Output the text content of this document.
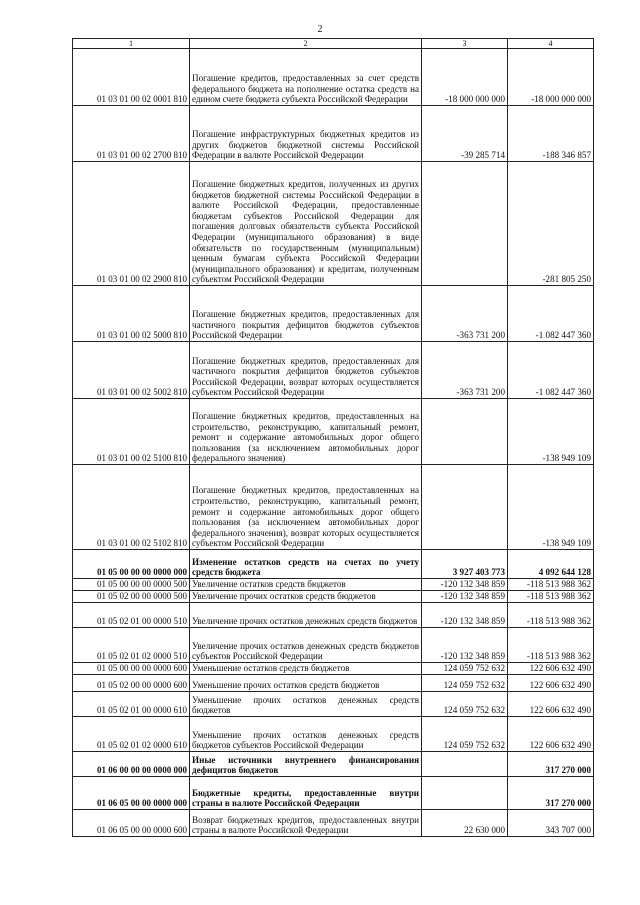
2
1	2	3	4
01 03 01 00 02 0001 810	Погашение кредитов, предоставленных за счет средств федерального бюджета на пополнение остатка средств на едином счете бюджета субъекта Российской Федерации	-18 000 000 000	-18 000 000 000
01 03 01 00 02 2700 810	Погашение инфраструктурных бюджетных кредитов из других бюджетов бюджетной системы Российской Федерации в валюте Российской Федерации	-39 285 714	-188 346 857
01 03 01 00 02 2900 810	Погашение бюджетных кредитов, полученных из других бюджетов бюджетной системы Российской Федерации в валюте Российской Федерации, предоставленные бюджетам субъектов Российской Федерации для погашения долговых обязательств субъекта Российской Федерации (муниципального образования) в виде обязательств по государственным (муниципальным) ценным бумагам субъекта Российской Федерации (муниципального образования) и кредитам, полученным субъектом Российской Федерации		-281 805 250
01 03 01 00 02 5000 810	Погашение бюджетных кредитов, предоставленных для частичного покрытия дефицитов бюджетов субъектов Российской Федерации	-363 731 200	-1 082 447 360
01 03 01 00 02 5002 810	Погашение бюджетных кредитов, предоставленных для частичного покрытия дефицитов бюджетов субъектов Российской Федерации, возврат которых осуществляется субъектом Российской Федерации	-363 731 200	-1 082 447 360
01 03 01 00 02 5100 810	Погашение бюджетных кредитов, предоставленных на строительство, реконструкцию, капитальный ремонт, ремонт и содержание автомобильных дорог общего пользования (за исключением автомобильных дорог федерального значения)		-138 949 109
01 03 01 00 02 5102 810	Погашение бюджетных кредитов, предоставленных на строительство, реконструкцию, капитальный ремонт, ремонт и содержание автомобильных дорог общего пользования (за исключением автомобильных дорог федерального значения), возврат которых осуществляется субъектом Российской Федерации		-138 949 109
01 05 00 00 00 0000 000	Изменение остатков средств на счетах по учету средств бюджета	3 927 403 773	4 092 644 128
01 05 00 00 00 0000 500	Увеличение остатков средств бюджетов	-120 132 348 859	-118 513 988 362
01 05 02 00 00 0000 500	Увеличение прочих остатков средств бюджетов	-120 132 348 859	-118 513 988 362
01 05 02 01 00 0000 510	Увеличение прочих остатков денежных средств бюджетов	-120 132 348 859	-118 513 988 362
01 05 02 01 02 0000 510	Увеличение прочих остатков денежных средств бюджетов субъектов Российской Федерации	-120 132 348 859	-118 513 988 362
01 05 00 00 00 0000 600	Уменьшение остатков средств бюджетов	124 059 752 632	122 606 632 490
01 05 02 00 00 0000 600	Уменьшение прочих остатков средств бюджетов	124 059 752 632	122 606 632 490
01 05 02 01 00 0000 610	Уменьшение прочих остатков денежных средств бюджетов	124 059 752 632	122 606 632 490
01 05 02 01 02 0000 610	Уменьшение прочих остатков денежных средств бюджетов субъектов Российской Федерации	124 059 752 632	122 606 632 490
01 06 00 00 00 0000 000	Иные источники внутреннего финансирования дефицитов бюджетов		317 270 000
01 06 05 00 00 0000 000	Бюджетные кредиты, предоставленные внутри страны в валюте Российской Федерации		317 270 000
01 06 05 00 00 0000 600	Возврат бюджетных кредитов, предоставленных внутри страны в валюте Российской Федерации	22 630 000	343 707 000
